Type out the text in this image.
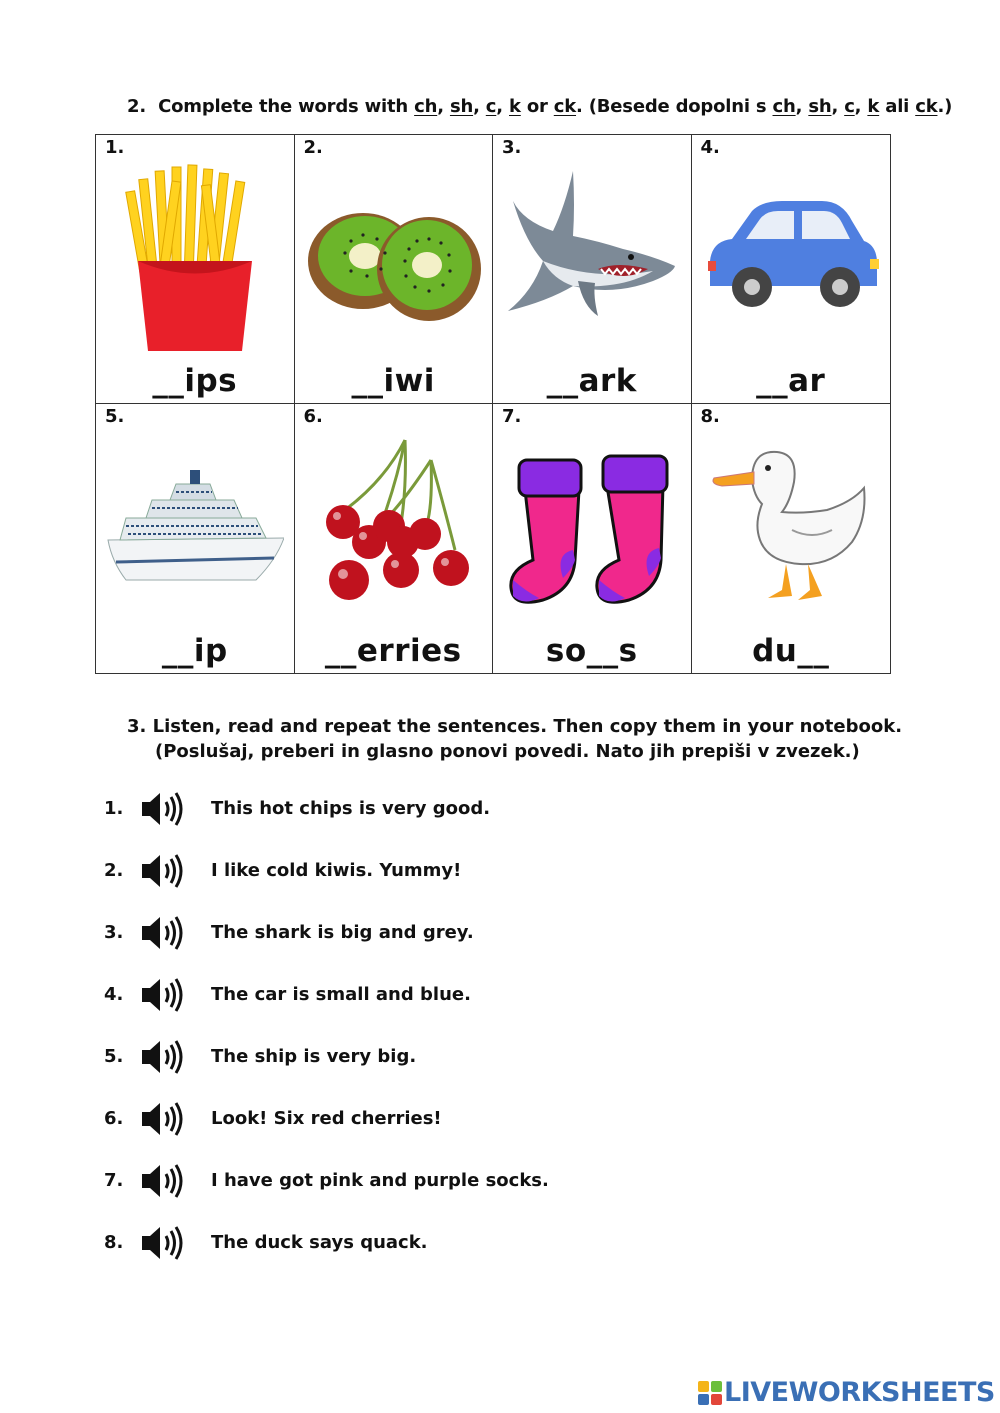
2. Complete the words with ch, sh, c, k or ck. (Besede dopolni s ch, sh, c, k ali ck.)
1.
__ips
2.
__iwi
3.
__ark
4.
__ar
5.
__ip
6.
__erries
7.
so__s
8.
du__
3. Listen, read and repeat the sentences. Then copy them in your notebook.
(Poslušaj, preberi in glasno ponovi povedi. Nato jih prepiši v zvezek.)
1.	This hot chips is very good.
2.	I like cold kiwis. Yummy!
3.	The shark is big and grey.
4.	The car is small and blue.
5.	The ship is very big.
6.	Look! Six red cherries!
7.	I have got pink and purple socks.
8.	The duck says quack.
LIVEWORKSHEETS
